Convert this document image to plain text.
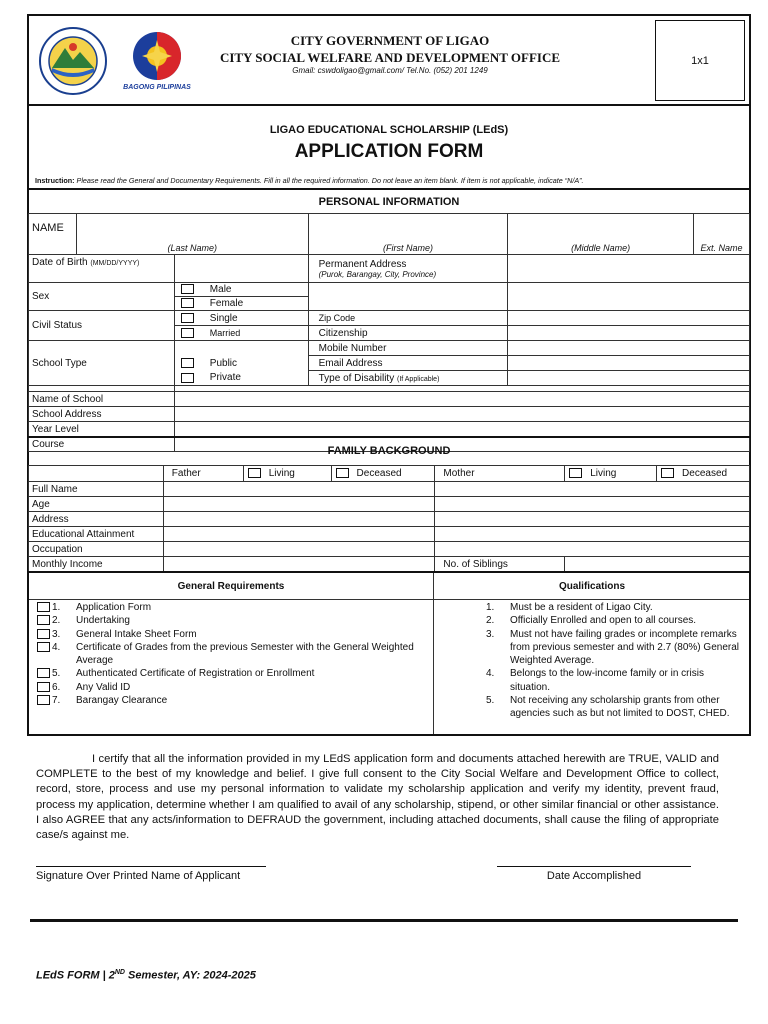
BAGONG PILIPINAS
CITY GOVERNMENT OF LIGAO
CITY SOCIAL WELFARE AND DEVELOPMENT OFFICE
Gmail: cswdoligao@gmail.com/ Tel.No. (052) 201 1249
1x1
LIGAO EDUCATIONAL SCHOLARSHIP (LEdS)
APPLICATION FORM
Instruction: Please read the General and Documentary Requirements. Fill in all the required information. Do not leave an item blank. If item is not applicable, indicate “N/A”.
PERSONAL INFORMATION
NAME					
	(Last Name)		(First Name)	(Middle Name)	Ext. Name
Date of Birth (MM/DD/YYYY)			Permanent Address
(Purok, Barangay, City, Province)		

Sex		Male			
		Female			
Civil Status		Single	Zip Code		
		Married	Citizenship		
School Type			Mobile Number		
		Public	Email Address		
		Private	Type of Disability (If Applicable)		

Name of School					
School Address					
Year Level					
Course					
FAMILY BACKGROUND
	Father	Living	Deceased	Mother	Living	Deceased
Full Name						
Age						
Address						
Educational Attainment						
Occupation						
Monthly Income				No. of Siblings		
General Requirements	Qualifications
1.	Application Form
2.	Undertaking
3.	General Intake Sheet Form
4.	Certificate of Grades from the previous Semester with the General Weighted Average
5.	Authenticated Certificate of Registration or Enrollment
6.	Any Valid ID
7.	Barangay Clearance
1.	Must be a resident of Ligao City.
2.	Officially Enrolled and open to all courses.
3.	Must not have failing grades or incomplete remarks from previous semester and with 2.7 (80%) General Weighted Average.
4.	Belongs to the low-income family or in crisis situation.
5.	Not receiving any scholarship grants from other agencies such as but not limited to DOST, CHED.
I certify that all the information provided in my LEdS application form and documents attached herewith are TRUE, VALID and COMPLETE to the best of my knowledge and belief. I give full consent to the City Social Welfare and Development Office to collect, record, store, process and use my personal information to validate my scholarship application and verify my identity, prevent fraud, process my application, determine whether I am qualified to avail of any scholarship, stipend, or other similar financial or other assistance. I also AGREE that any acts/information to DEFRAUD the government, including attached documents, shall cause the filing of appropriate case/s against me.
Signature Over Printed Name of Applicant	Date Accomplished
LEdS FORM | 2ND Semester, AY: 2024-2025
